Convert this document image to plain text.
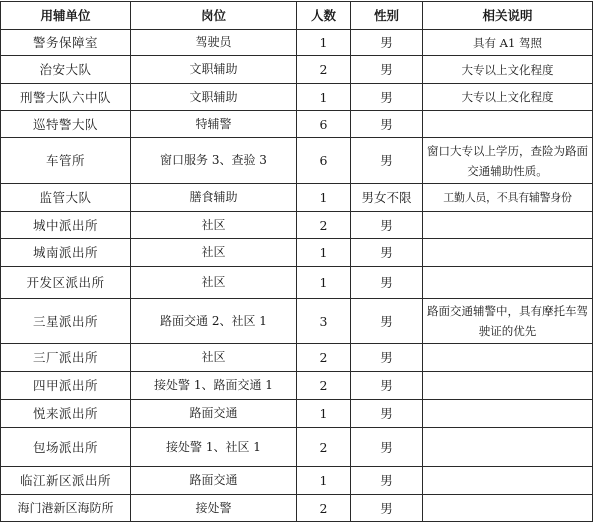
用辅单位	岗位	人数	性别	相关说明
警务保障室	驾驶员	1	男	具有 A1 驾照
治安大队	文职辅助	2	男	大专以上文化程度
刑警大队六中队	文职辅助	1	男	大专以上文化程度
巡特警大队	特辅警	6	男	
车管所	窗口服务 3、查验 3	6	男	窗口大专以上学历，查险为路面交通辅助性质。
监管大队	膳食辅助	1	男女不限	工勤人员，不具有辅警身份
城中派出所	社区	2	男	
城南派出所	社区	1	男	
开发区派出所	社区	1	男	
三星派出所	路面交通 2、社区 1	3	男	路面交通辅警中，具有摩托车驾驶证的优先
三厂派出所	社区	2	男	
四甲派出所	接处警 1、路面交通 1	2	男	
悦来派出所	路面交通	1	男	
包场派出所	接处警 1、社区 1	2	男	
临江新区派出所	路面交通	1	男	
海门港新区海防所	接处警	2	男	
